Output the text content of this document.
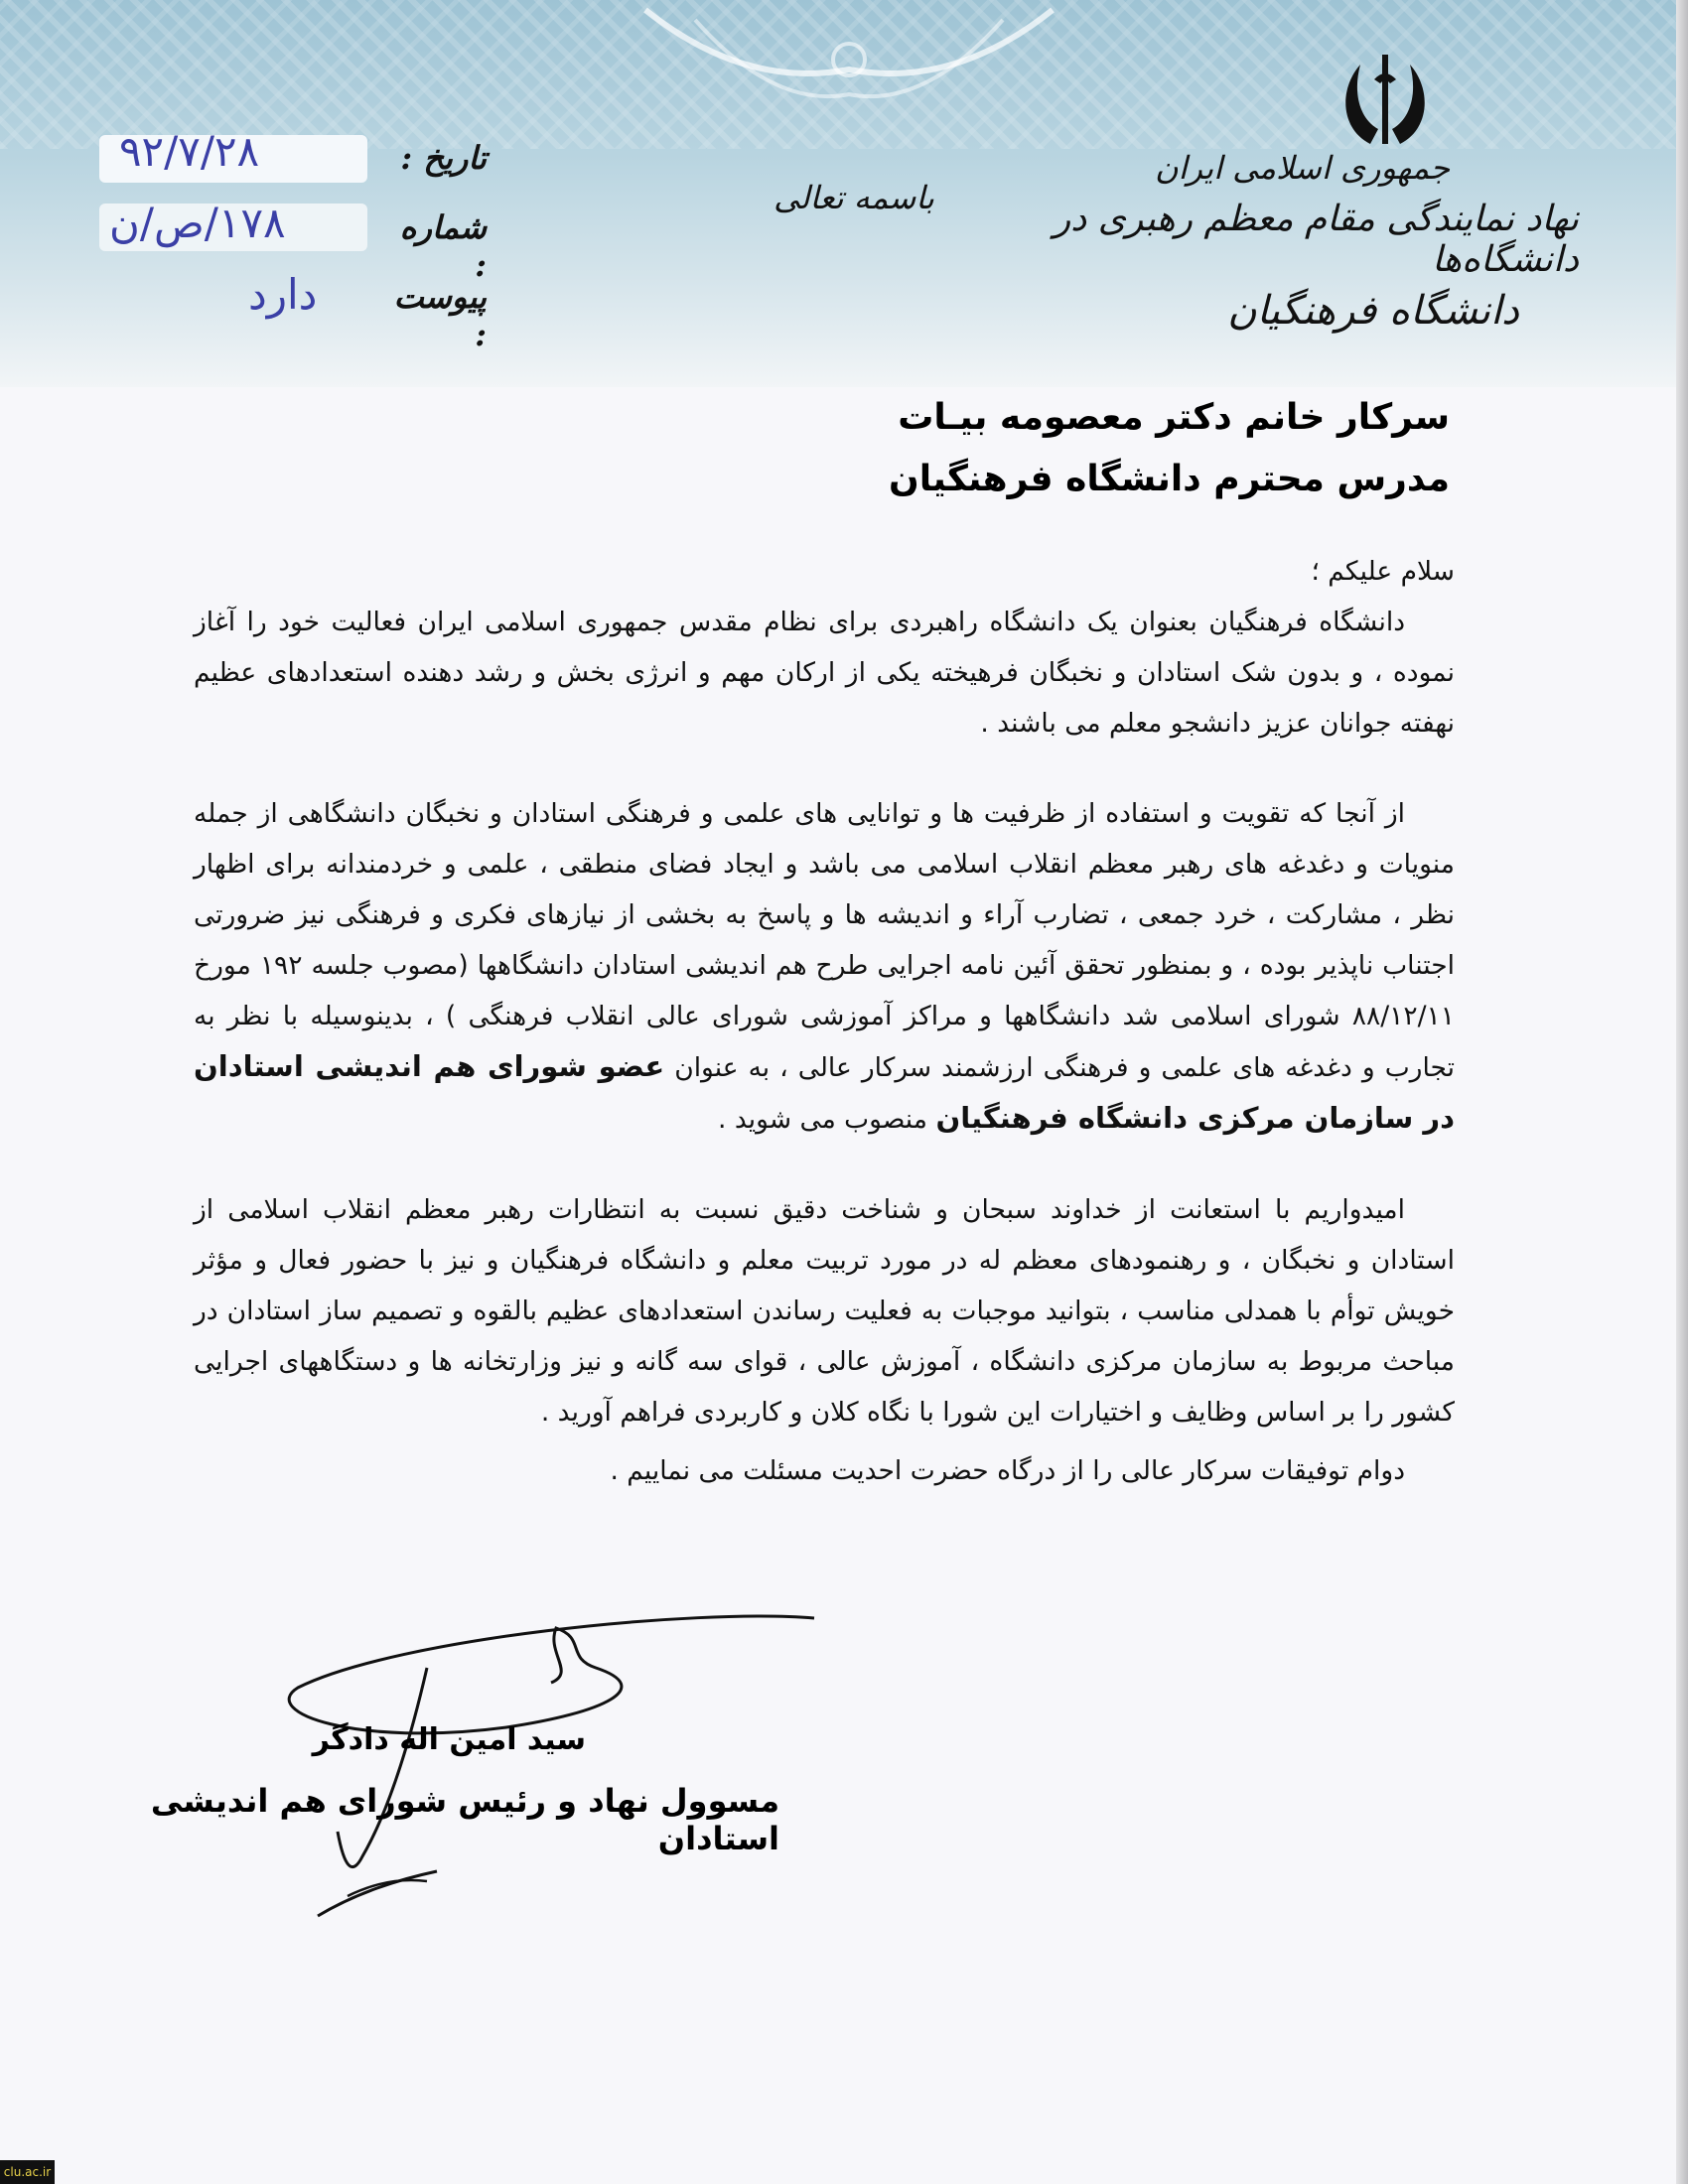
جمهوری اسلامی ایران
نهاد نمایندگی مقام معظم رهبری در دانشگاه‌ها
دانشگاه فرهنگیان
باسمه تعالی
تاریخ :
۹۲/۷/۲۸
شماره :
۱۷۸/ص/ن
پیوست :
دارد
سرکار خانم دکتر معصومه بیـات
مدرس محترم دانشگاه فرهنگیان

سلام علیکم ؛

دانشگاه فرهنگیان بعنوان یک دانشگاه راهبردی برای نظام مقدس جمهوری اسلامی ایران فعالیت خود را آغاز نموده ، و بدون شک استادان و نخبگان فرهیخته یکی از ارکان مهم و انرژی بخش و رشد دهنده استعدادهای عظیم نهفته جوانان عزیز دانشجو معلم می باشند .

از آنجا که تقویت و استفاده از ظرفیت ها و توانایی های علمی و فرهنگی استادان و نخبگان دانشگاهی از جمله منویات و دغدغه های رهبر معظم انقلاب اسلامی می باشد و ایجاد فضای منطقی ، علمی و خردمندانه برای اظهار نظر ، مشارکت ، خرد جمعی ، تضارب آراء و اندیشه ها و پاسخ به بخشی از نیازهای فکری و فرهنگی نیز ضرورتی اجتناب ناپذیر بوده ، و بمنظور تحقق آئین نامه اجرایی طرح هم اندیشی استادان دانشگاهها (مصوب جلسه ۱۹۲ مورخ ۸۸/۱۲/۱۱ شورای اسلامی شد دانشگاهها و مراکز آموزشی شورای عالی انقلاب فرهنگی ) ، بدینوسیله با نظر به تجارب و دغدغه های علمی و فرهنگی ارزشمند سرکار عالی ، به عنوان عضو شورای هم اندیشی استادان در سازمان مرکزی دانشگاه فرهنگیان منصوب می شوید .

امیدواریم با استعانت از خداوند سبحان و شناخت دقیق نسبت به انتظارات رهبر معظم انقلاب اسلامی از استادان و نخبگان ، و رهنمودهای معظم له در مورد تربیت معلم و دانشگاه فرهنگیان و نیز با حضور فعال و مؤثر خویش توأم با همدلی مناسب ، بتوانید موجبات به فعلیت رساندن استعدادهای عظیم بالقوه و تصمیم ساز استادان در مباحث مربوط به سازمان مرکزی دانشگاه ، آموزش عالی ، قوای سه گانه و نیز وزارتخانه ها و دستگاههای اجرایی کشور را بر اساس وظایف و اختیارات این شورا با نگاه کلان و کاربردی فراهم آورید .

دوام توفیقات سرکار عالی را از درگاه حضرت احدیت مسئلت می نماییم .

سید امین اله دادگر
مسوول نهاد و رئیس شورای هم اندیشی استادان
clu.ac.ir
